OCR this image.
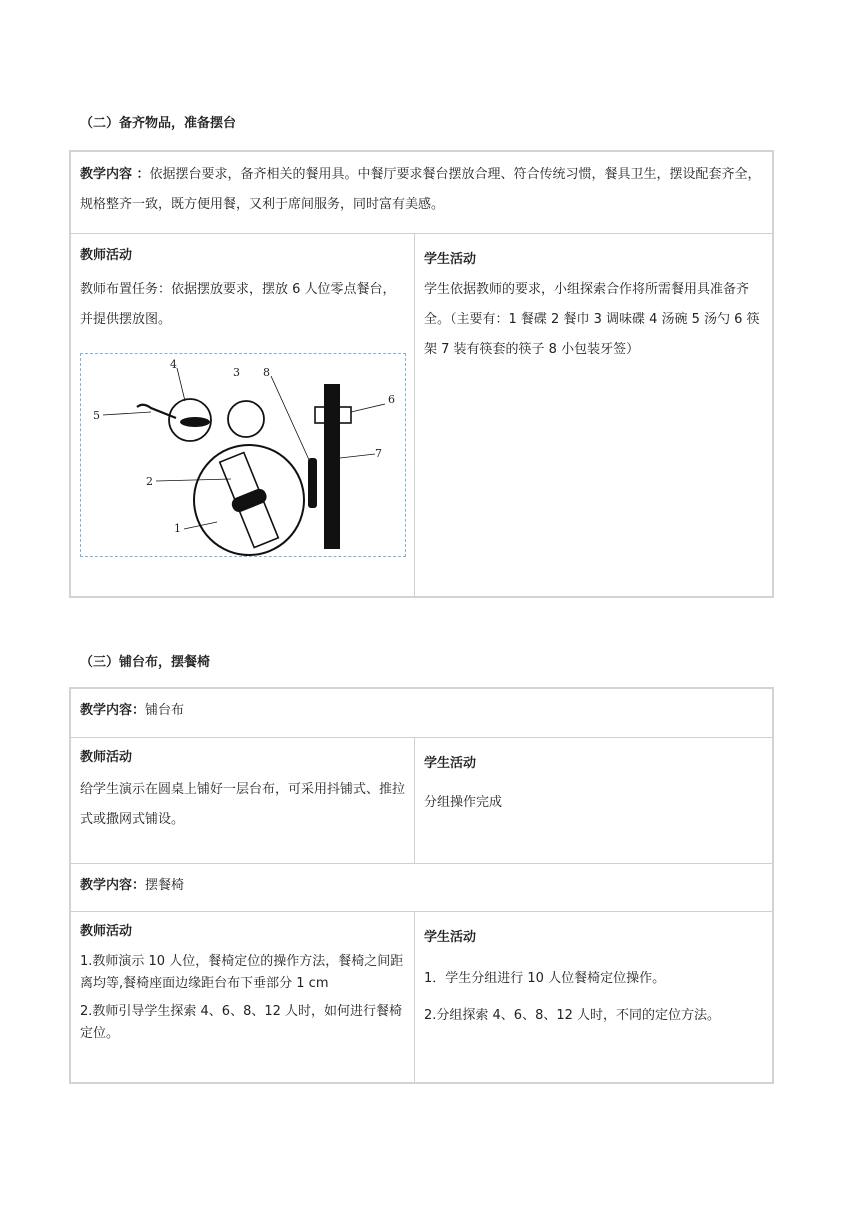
（二）备齐物品，准备摆台

教学内容 ：依据摆台要求，备齐相关的餐用具。中餐厅要求餐台摆放合理、符合传统习惯，餐具卫生，摆设配套齐全，规格整齐一致，既方便用餐，又利于席间服务，同时富有美感。

教师活动

教师布置任务：依据摆放要求，摆放 6 人位零点餐台，并提供摆放图。

8
4
3
5
6
7
2
1

学生活动

学生依据教师的要求，小组探索合作将所需餐用具准备齐全。（主要有：1 餐碟 2 餐巾 3 调味碟 4 汤碗 5 汤勺 6 筷架 7 装有筷套的筷子 8 小包装牙签）

（三）铺台布，摆餐椅

教学内容：铺台布

教师活动

给学生演示在圆桌上铺好一层台布，可采用抖铺式、推拉式或撒网式铺设。

学生活动

分组操作完成

教学内容：摆餐椅

教师活动

1.教师演示 10 人位，餐椅定位的操作方法，餐椅之间距离均等,餐椅座面边缘距台布下垂部分 1 cm

2.教师引导学生探索 4、6、8、12 人时，如何进行餐椅定位。

学生活动

1．学生分组进行 10 人位餐椅定位操作。

2.分组探索 4、6、8、12 人时，不同的定位方法。
